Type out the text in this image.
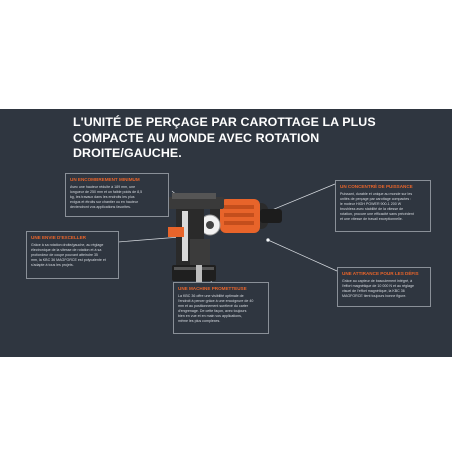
L'UNITÉ DE PERÇAGE PAR CAROTTAGE LA PLUS
COMPACTE AU MONDE AVEC ROTATION
DROITE/GAUCHE.
UN ENCOMBREMENT MINIMUM
Avec une hauteur réduite à 189 mm, une
longueur de 250 mm et un faible poids de 8,5
kg, les travaux dans les endroits les plus
exigus et étroits sur chantier ou en hauteur
deviendront vos applications favorites.
UNE ENVIE D'EXCELLER
Grâce à sa rotation droite/gauche, au réglage
électronique de la vitesse de rotation et à sa
profondeur de coupe pouvant atteindre 35
mm, la KBC 36 MAGFORCE est polyvalente et
s'adapte à tous les projets.
UNE MACHINE PROMETTEUSE
La KBC 36 offre une visibilité optimale de
l'endroit à percer grâce à une encoignure de 40
mm et au positionnement surélevé du carter
d'engrenage. De cette façon, avec toujours
bien en vue et en main vos applications,
même les plus complexes.
UN CONCENTRÉ DE PUISSANCE
Puissant, durable et unique au monde sur les
unités de perçage par carottage compactes :
le moteur HIGH POWER 900-1 200 W
brushless avec stabilité de la vitesse de
rotation, procure une efficacité sans précédent
et une vitesse de travail exceptionnelle.
UNE ATTIRANCE POUR LES DÉFIS
Grâce au capteur de basculement intégré, à
l'effort magnétique de 10 000 N et au réglage
visuel de l'effort magnétique, la KBC 36
MAGFORCE tient toujours bonne figure.
